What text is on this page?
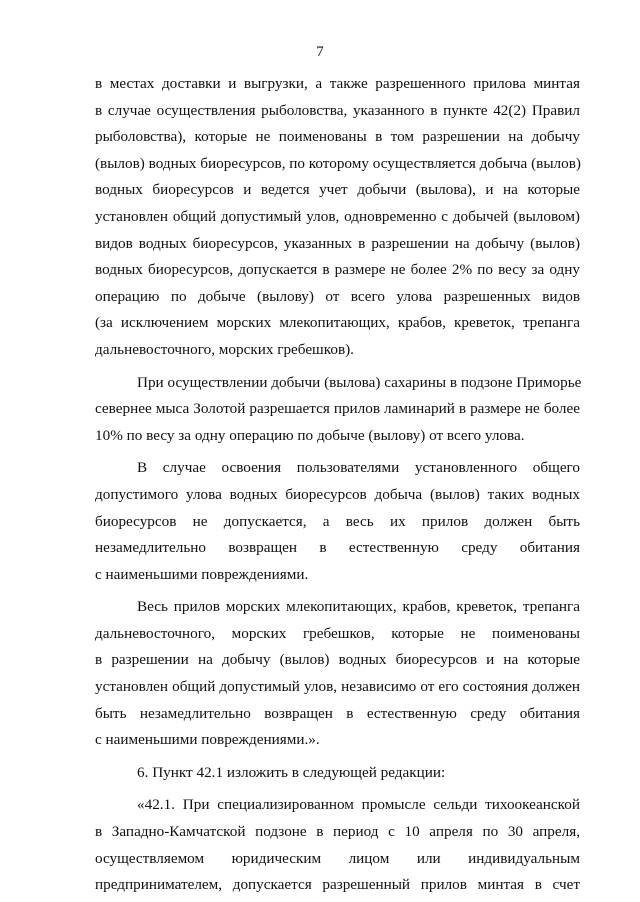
7
в местах доставки и выгрузки, а также разрешенного прилова минтая
в случае осуществления рыболовства, указанного в пункте 42(2) Правил
рыболовства), которые не поименованы в том разрешении на добычу
(вылов) водных биоресурсов, по которому осуществляется добыча (вылов)
водных биоресурсов и ведется учет добычи (вылова), и на которые
установлен общий допустимый улов, одновременно с добычей (выловом)
видов водных биоресурсов, указанных в разрешении на добычу (вылов)
водных биоресурсов, допускается в размере не более 2% по весу за одну
операцию по добыче (вылову) от всего улова разрешенных видов
(за исключением морских млекопитающих, крабов, креветок, трепанга
дальневосточного, морских гребешков).
При осуществлении добычи (вылова) сахарины в подзоне Приморье
севернее мыса Золотой разрешается прилов ламинарий в размере не более
10% по весу за одну операцию по добыче (вылову) от всего улова.
В случае освоения пользователями установленного общего
допустимого улова водных биоресурсов добыча (вылов) таких водных
биоресурсов не допускается, а весь их прилов должен быть
незамедлительно возвращен в естественную среду обитания
с наименьшими повреждениями.
Весь прилов морских млекопитающих, крабов, креветок, трепанга
дальневосточного, морских гребешков, которые не поименованы
в разрешении на добычу (вылов) водных биоресурсов и на которые
установлен общий допустимый улов, независимо от его состояния должен
быть незамедлительно возвращен в естественную среду обитания
с наименьшими повреждениями.».
6. Пункт 42.1 изложить в следующей редакции:
«42.1. При специализированном промысле сельди тихоокеанской
в Западно-Камчатской подзоне в период с 10 апреля по 30 апреля,
осуществляемом юридическим лицом или индивидуальным
предпринимателем, допускается разрешенный прилов минтая в счет
